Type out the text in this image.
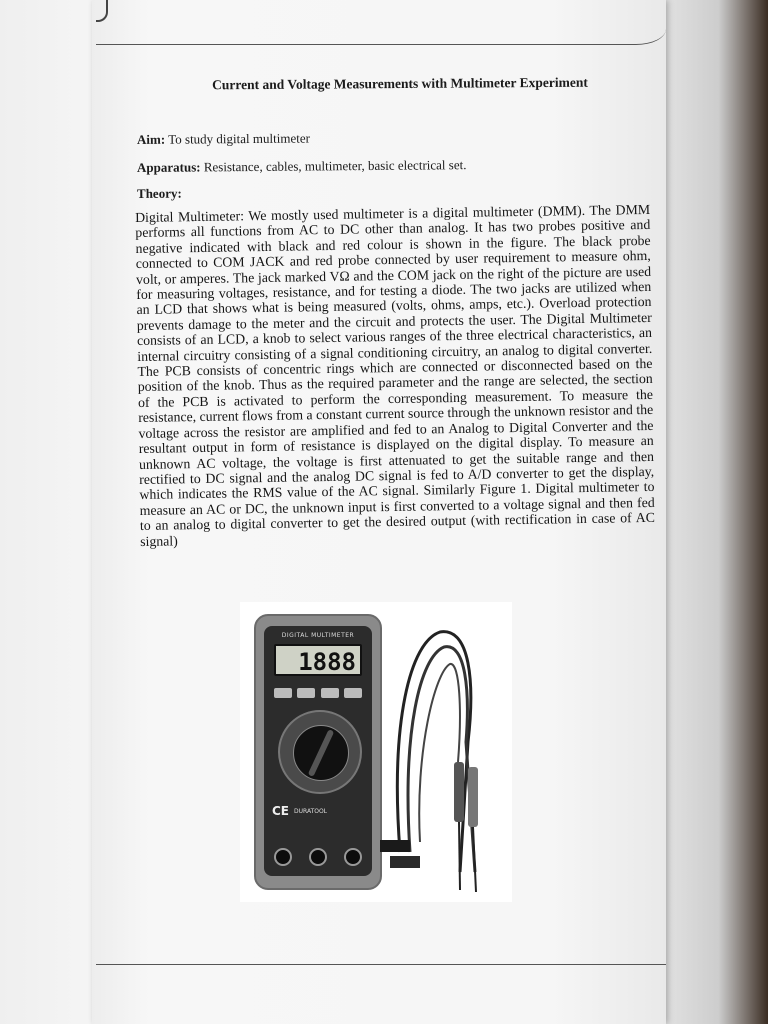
Current and Voltage Measurements with Multimeter Experiment
Aim: To study digital multimeter
Apparatus: Resistance, cables, multimeter, basic electrical set.
Theory:
Digital Multimeter: We mostly used multimeter is a digital multimeter (DMM). The DMM performs all functions from AC to DC other than analog. It has two probes positive and negative indicated with black and red colour is shown in the figure. The black probe connected to COM JACK and red probe connected by user requirement to measure ohm, volt, or amperes. The jack marked VΩ and the COM jack on the right of the picture are used for measuring voltages, resistance, and for testing a diode. The two jacks are utilized when an LCD that shows what is being measured (volts, ohms, amps, etc.). Overload protection prevents damage to the meter and the circuit and protects the user. The Digital Multimeter consists of an LCD, a knob to select various ranges of the three electrical characteristics, an internal circuitry consisting of a signal conditioning circuitry, an analog to digital converter. The PCB consists of concentric rings which are connected or disconnected based on the position of the knob. Thus as the required parameter and the range are selected, the section of the PCB is activated to perform the corresponding measurement. To measure the resistance, current flows from a constant current source through the unknown resistor and the voltage across the resistor are amplified and fed to an Analog to Digital Converter and the resultant output in form of resistance is displayed on the digital display. To measure an unknown AC voltage, the voltage is first attenuated to get the suitable range and then rectified to DC signal and the analog DC signal is fed to A/D converter to get the display, which indicates the RMS value of the AC signal. Similarly Figure 1. Digital multimeter to measure an AC or DC, the unknown input is first converted to a voltage signal and then fed to an analog to digital converter to get the desired output (with rectification in case of AC signal)
DIGITAL MULTIMETER
1888
CE DURATOOL
